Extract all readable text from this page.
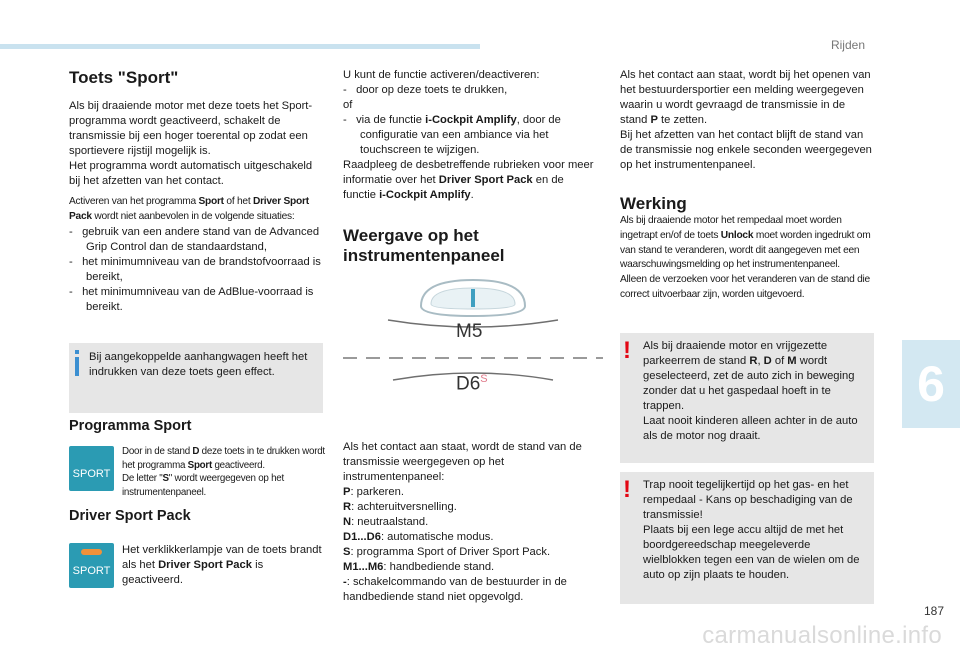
Rijden
6
Toets "Sport"

Als bij draaiende motor met deze toets het Sport-programma wordt geactiveerd, schakelt de transmissie bij een hoger toerental op zodat een sportievere rijstijl mogelijk is.

Het programma wordt automatisch uitgeschakeld bij het afzetten van het contact.

Activeren van het programma Sport of het Driver Sport Pack wordt niet aanbevolen in de volgende situaties:

-   gebruik van een andere stand van de Advanced Grip Control dan de standaardstand,

-   het minimumniveau van de brandstofvoorraad is bereikt,

-   het minimumniveau van de AdBlue-voorraad is bereikt.

Bij aangekoppelde aanhangwagen heeft het indrukken van deze toets geen effect.

Programma Sport
SPORT

Door in de stand D deze toets in te drukken wordt het programma Sport geactiveerd.
De letter "S" wordt weergegeven op het instrumentenpaneel.

Driver Sport Pack
SPORT

Het verklikkerlampje van de toets brandt als het Driver Sport Pack is geactiveerd.

U kunt de functie activeren/deactiveren:

-   door op deze toets te drukken,

of

-   via de functie i-Cockpit Amplify, door de configuratie van een ambiance via het touchscreen te wijzigen.

Raadpleeg de desbetreffende rubrieken voor meer informatie over het Driver Sport Pack en de functie i-Cockpit Amplify.

Weergave op het instrumentenpaneel
M5
$D6^S$

Als het contact aan staat, wordt de stand van de transmissie weergegeven op het instrumentenpaneel:

P: parkeren.

R: achteruitversnelling.

N: neutraalstand.

D1...D6: automatische modus.

S: programma Sport of Driver Sport Pack.

M1...M6: handbediende stand.

-: schakelcommando van de bestuurder in de handbediende stand niet opgevolgd.

Als het contact aan staat, wordt bij het openen van het bestuurdersportier een melding weergegeven waarin u wordt gevraagd de transmissie in de stand P te zetten.

Bij het afzetten van het contact blijft de stand van de transmissie nog enkele seconden weergegeven op het instrumentenpaneel.

Werking

Als bij draaiende motor het rempedaal moet worden ingetrapt en/of de toets Unlock moet worden ingedrukt om van stand te veranderen, wordt dit aangegeven met een waarschuwingsmelding op het instrumentenpaneel.

Alleen de verzoeken voor het veranderen van de stand die correct uitvoerbaar zijn, worden uitgevoerd.

! Als bij draaiende motor en vrijgezette parkeerrem de stand R, D of M wordt geselecteerd, zet de auto zich in beweging zonder dat u het gaspedaal hoeft in te trappen.

Laat nooit kinderen alleen achter in de auto als de motor nog draait.

! Trap nooit tegelijkertijd op het gas- en het rempedaal - Kans op beschadiging van de transmissie!

Plaats bij een lege accu altijd de met het boordgereedschap meegeleverde wielblokken tegen een van de wielen om de auto op zijn plaats te houden.

187
carmanualsonline.info
